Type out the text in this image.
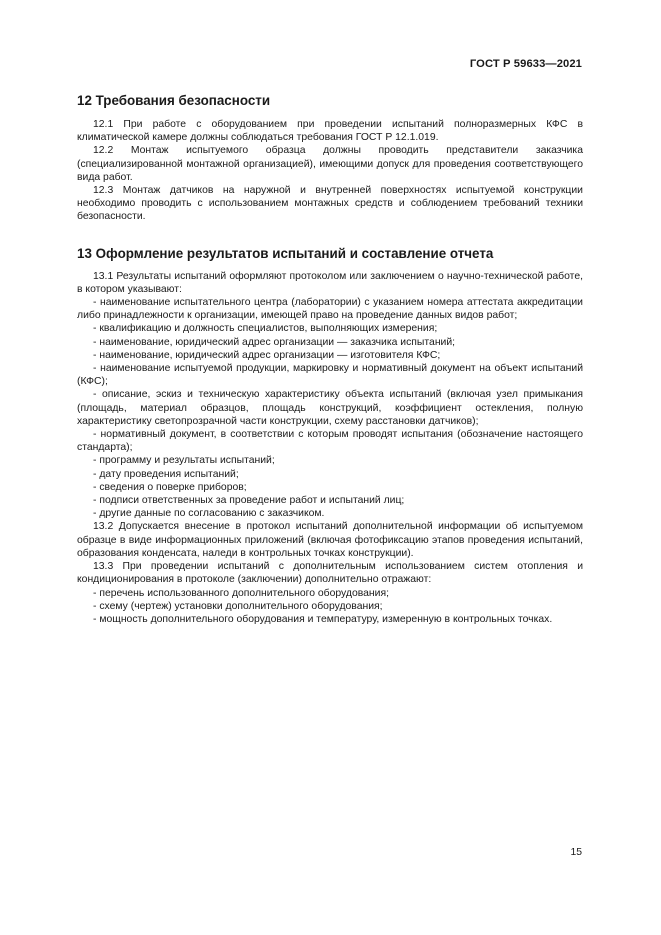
ГОСТ Р 59633—2021
12 Требования безопасности

12.1 При работе с оборудованием при проведении испытаний полноразмерных КФС в климатической камере должны соблюдаться требования ГОСТ Р 12.1.019.

12.2 Монтаж испытуемого образца должны проводить представители заказчика (специализированной монтажной организацией), имеющими допуск для проведения соответствующего вида работ.

12.3 Монтаж датчиков на наружной и внутренней поверхностях испытуемой конструкции необходимо проводить с использованием монтажных средств и соблюдением требований техники безопасности.

13 Оформление результатов испытаний и составление отчета

13.1 Результаты испытаний оформляют протоколом или заключением о научно-технической работе, в котором указывают:

- наименование испытательного центра (лаборатории) с указанием номера аттестата аккредитации либо принадлежности к организации, имеющей право на проведение данных видов работ;

- квалификацию и должность специалистов, выполняющих измерения;

- наименование, юридический адрес организации — заказчика испытаний;

- наименование, юридический адрес организации — изготовителя КФС;

- наименование испытуемой продукции, маркировку и нормативный документ на объект испытаний (КФС);

- описание, эскиз и техническую характеристику объекта испытаний (включая узел примыкания (площадь, материал образцов, площадь конструкций, коэффициент остекления, полную характеристику светопрозрачной части конструкции, схему расстановки датчиков);

- нормативный документ, в соответствии с которым проводят испытания (обозначение настоящего стандарта);

- программу и результаты испытаний;

- дату проведения испытаний;

- сведения о поверке приборов;

- подписи ответственных за проведение работ и испытаний лиц;

- другие данные по согласованию с заказчиком.

13.2 Допускается внесение в протокол испытаний дополнительной информации об испытуемом образце в виде информационных приложений (включая фотофиксацию этапов проведения испытаний, образования конденсата, наледи в контрольных точках конструкции).

13.3 При проведении испытаний с дополнительным использованием систем отопления и кондиционирования в протоколе (заключении) дополнительно отражают:

- перечень использованного дополнительного оборудования;

- схему (чертеж) установки дополнительного оборудования;

- мощность дополнительного оборудования и температуру, измеренную в контрольных точках.

15
